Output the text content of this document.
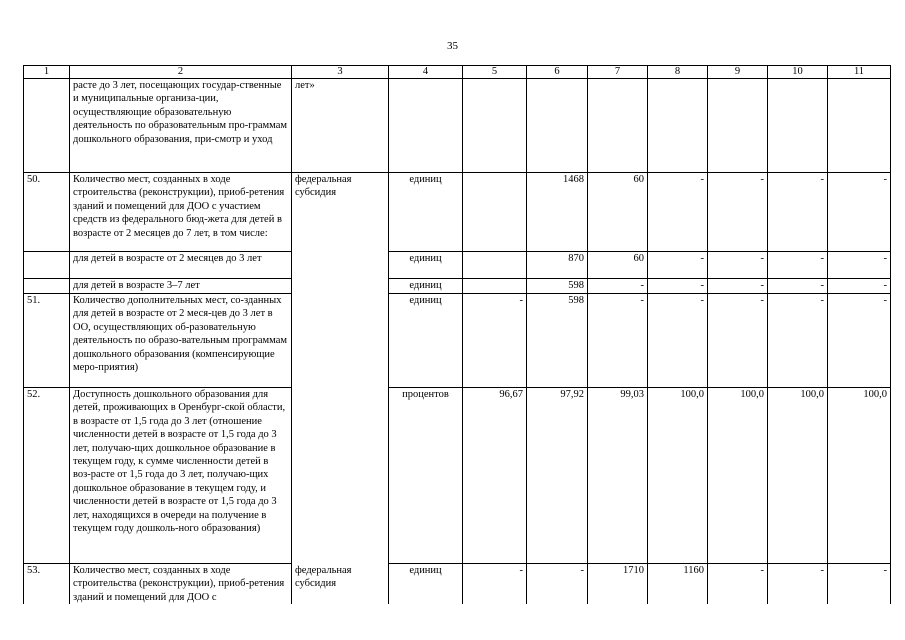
35
1	2	3	4	5	6	7	8	9	10	11
	расте до 3 лет, посещающих государ-ственные и муниципальные организа-ции, осуществляющие образовательную деятельность по образовательным про-граммам дошкольного образования, при-смотр и уход	лет»								
50.	Количество мест, созданных в ходе строительства (реконструкции), приоб-ретения зданий и помещений для ДОО с участием средств из федерального бюд-жета для детей в возрасте от 2 месяцев до 7 лет, в том числе:	федеральная субсидия	единиц		1468	60	-	-	-	-
	для детей в возрасте от 2 месяцев до 3 лет		единиц		870	60	-	-	-	-
	для детей в возрасте 3–7 лет		единиц		598	-	-	-	-	-
51.	Количество дополнительных мест, со-зданных для детей в возрасте от 2 меся-цев до 3 лет в ОО, осуществляющих об-разовательную деятельность по образо-вательным программам дошкольного образования (компенсирующие меро-приятия)		единиц	-	598	-	-	-	-	-
52.	Доступность дошкольного образования для детей, проживающих в Оренбург-ской области, в возрасте от 1,5 года до 3 лет (отношение численности детей в возрасте от 1,5 года до 3 лет, получаю-щих дошкольное образование в текущем году, к сумме численности детей в воз-расте от 1,5 года до 3 лет, получаю-щих дошкольное образование в текущем году, и численности детей в возрасте от 1,5 года до 3 лет, находящихся в очереди на получение в текущем году дошколь-ного образования)		процентов	96,67	97,92	99,03	100,0	100,0	100,0	100,0
53.	Количество мест, созданных в ходе строительства (реконструкции), приоб-ретения зданий и помещений для ДОО с	федеральная субсидия	единиц	-	-	1710	1160	-	-	-
